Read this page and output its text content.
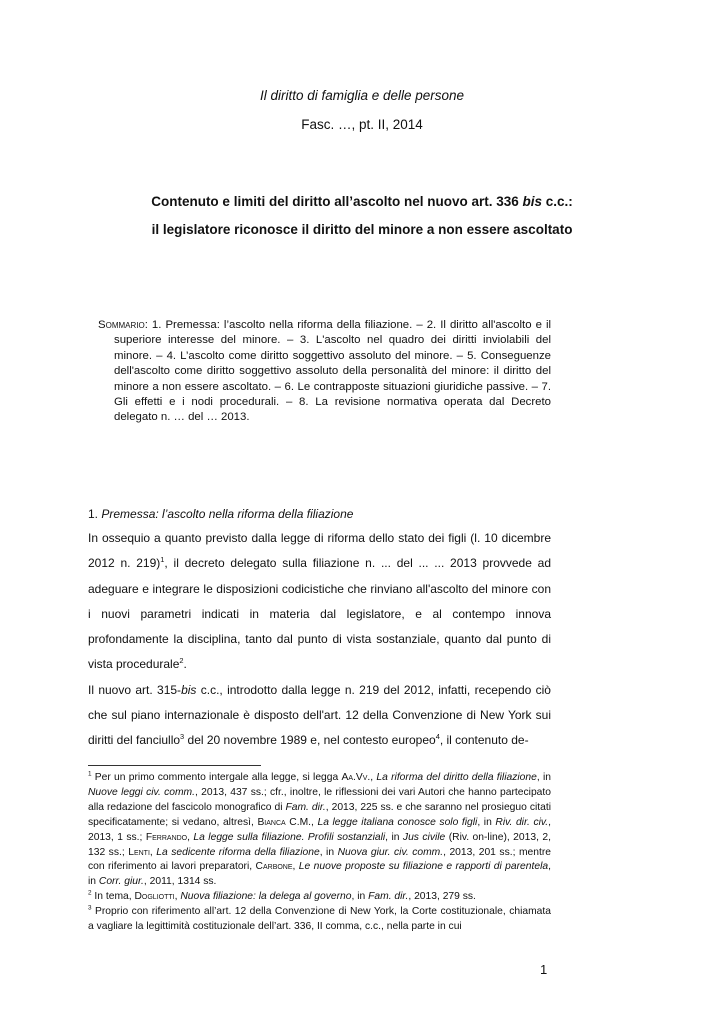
Il diritto di famiglia e delle persone
Fasc. …, pt. II, 2014
Contenuto e limiti del diritto all’ascolto nel nuovo art. 336 bis c.c.:
il legislatore riconosce il diritto del minore a non essere ascoltato
Sommario: 1. Premessa: l’ascolto nella riforma della filiazione. – 2. Il diritto all'ascolto e il superiore interesse del minore. – 3. L'ascolto nel quadro dei diritti inviolabili del minore. – 4. L’ascolto come diritto soggettivo assoluto del minore. – 5. Conseguenze dell'ascolto come diritto soggettivo assoluto della personalità del minore: il diritto del minore a non essere ascoltato. – 6. Le contrapposte situazioni giuridiche passive. – 7. Gli effetti e i nodi procedurali. – 8. La revisione normativa operata dal Decreto delegato n. … del … 2013.
1. Premessa: l’ascolto nella riforma della filiazione

In ossequio a quanto previsto dalla legge di riforma dello stato dei figli (l. 10 dicembre 2012 n. 219)$^1$, il decreto delegato sulla filiazione n. ... del ... ... 2013 provvede ad adeguare e integrare le disposizioni codicistiche che rinviano all'ascolto del minore con i nuovi parametri indicati in materia dal legislatore, e al contempo innova profondamente la disciplina, tanto dal punto di vista sostanziale, quanto dal punto di vista procedurale$^2$.

Il nuovo art. 315-bis c.c., introdotto dalla legge n. 219 del 2012, infatti, recependo ciò che sul piano internazionale è disposto dell'art. 12 della Convenzione di New York sui diritti del fanciullo$^3$ del 20 novembre 1989 e, nel contesto europeo$^4$, il contenuto de-

$^1$ Per un primo commento intergale alla legge, si legga Aa.Vv., La riforma del diritto della filiazione, in Nuove leggi civ. comm., 2013, 437 ss.; cfr., inoltre, le riflessioni dei vari Autori che hanno partecipato alla redazione del fascicolo monografico di Fam. dir., 2013, 225 ss. e che saranno nel prosieguo citati specificatamente; si vedano, altresì, Bianca C.M., La legge italiana conosce solo figli, in Riv. dir. civ., 2013, 1 ss.; Ferrando, La legge sulla filiazione. Profili sostanziali, in Jus civile (Riv. on-line), 2013, 2, 132 ss.; Lenti, La sedicente riforma della filiazione, in Nuova giur. civ. comm., 2013, 201 ss.; mentre con riferimento ai lavori preparatori, Carbone, Le nuove proposte su filiazione e rapporti di parentela, in Corr. giur., 2011, 1314 ss.

$^2$ In tema, Dogliotti, Nuova filiazione: la delega al governo, in Fam. dir., 2013, 279 ss.

$^3$ Proprio con riferimento all’art. 12 della Convenzione di New York, la Corte costituzionale, chiamata a vagliare la legittimità costituzionale dell’art. 336, II comma, c.c., nella parte in cui

1
